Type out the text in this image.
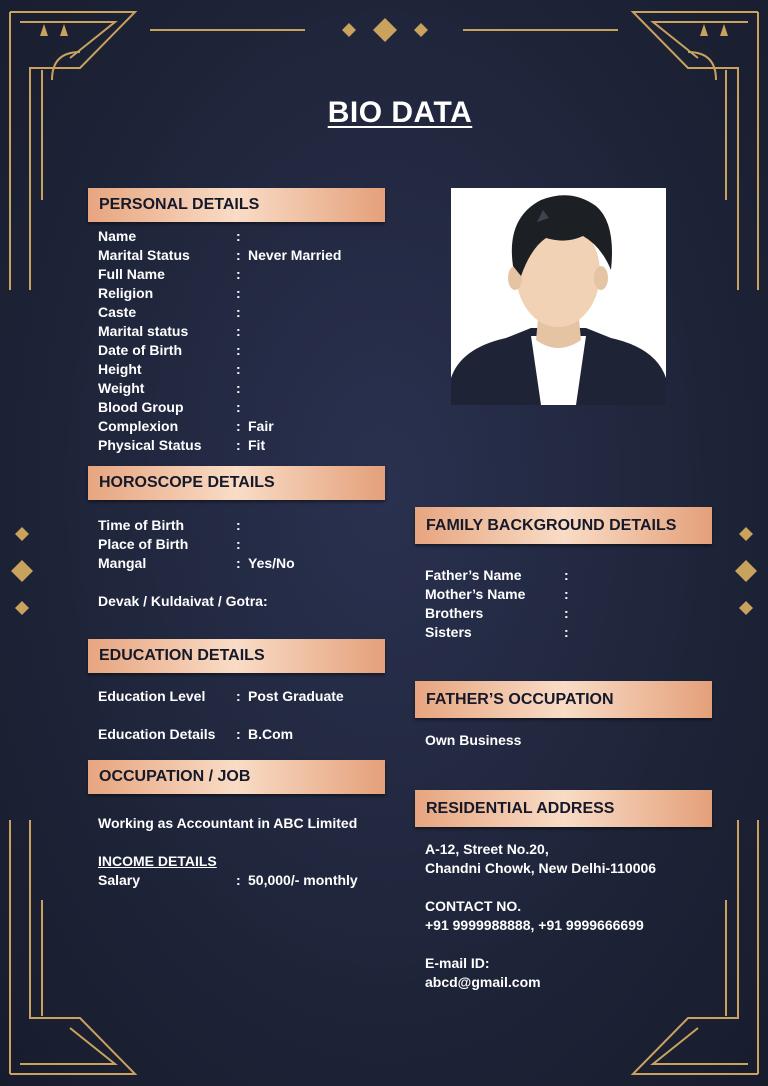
BIO DATA
PERSONAL DETAILS
Name	:
Marital Status	: Never Married
Full Name	:
Religion	:
Caste	:
Marital status	:
Date of Birth	:
Height	:
Weight	:
Blood Group	:
Complexion	: Fair
Physical Status : Fit
HOROSCOPE DETAILS
Time of Birth	:
Place of Birth	:
Mangal	: Yes/No
Devak / Kuldaivat / Gotra:
EDUCATION DETAILS
Education Level : Post Graduate
Education Details : B.Com
OCCUPATION / JOB
Working as Accountant in ABC Limited
INCOME DETAILS
Salary	: 50,000/- monthly
FAMILY BACKGROUND DETAILS
Father’s Name	:
Mother’s Name	:
Brothers	:
Sisters	:
FATHER’S OCCUPATION
Own Business
RESIDENTIAL ADDRESS
A-12, Street No.20,
Chandni Chowk, New Delhi-110006
CONTACT NO.
+91 9999988888, +91 9999666699
E-mail ID:
abcd@gmail.com
